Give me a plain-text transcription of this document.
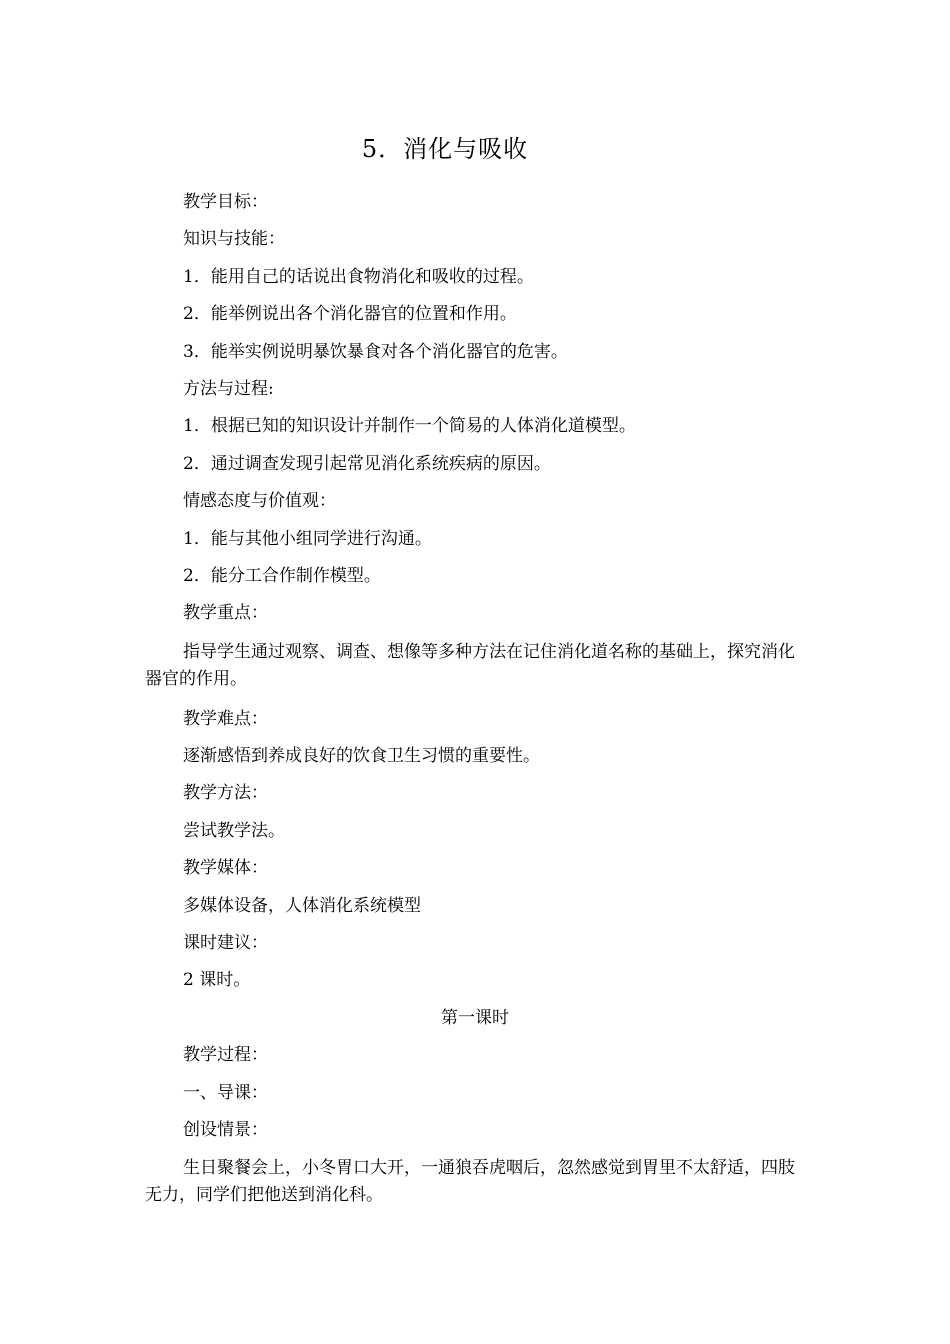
5．消化与吸收

教学目标：

知识与技能：

1．能用自己的话说出食物消化和吸收的过程。

2．能举例说出各个消化器官的位置和作用。

3．能举实例说明暴饮暴食对各个消化器官的危害。

方法与过程:

1．根据已知的知识设计并制作一个简易的人体消化道模型。

2．通过调查发现引起常见消化系统疾病的原因。

情感态度与价值观：

1．能与其他小组同学进行沟通。

2．能分工合作制作模型。

教学重点：

指导学生通过观察、调查、想像等多种方法在记住消化道名称的基础上，探究消化器官的作用。

教学难点：

逐渐感悟到养成良好的饮食卫生习惯的重要性。

教学方法：

尝试教学法。

教学媒体：

多媒体设备，人体消化系统模型

课时建议：

2 课时。

第一课时

教学过程：

一、导课：

创设情景：

生日聚餐会上，小冬胃口大开，一通狼吞虎咽后，忽然感觉到胃里不太舒适，四肢无力，同学们把他送到消化科。
